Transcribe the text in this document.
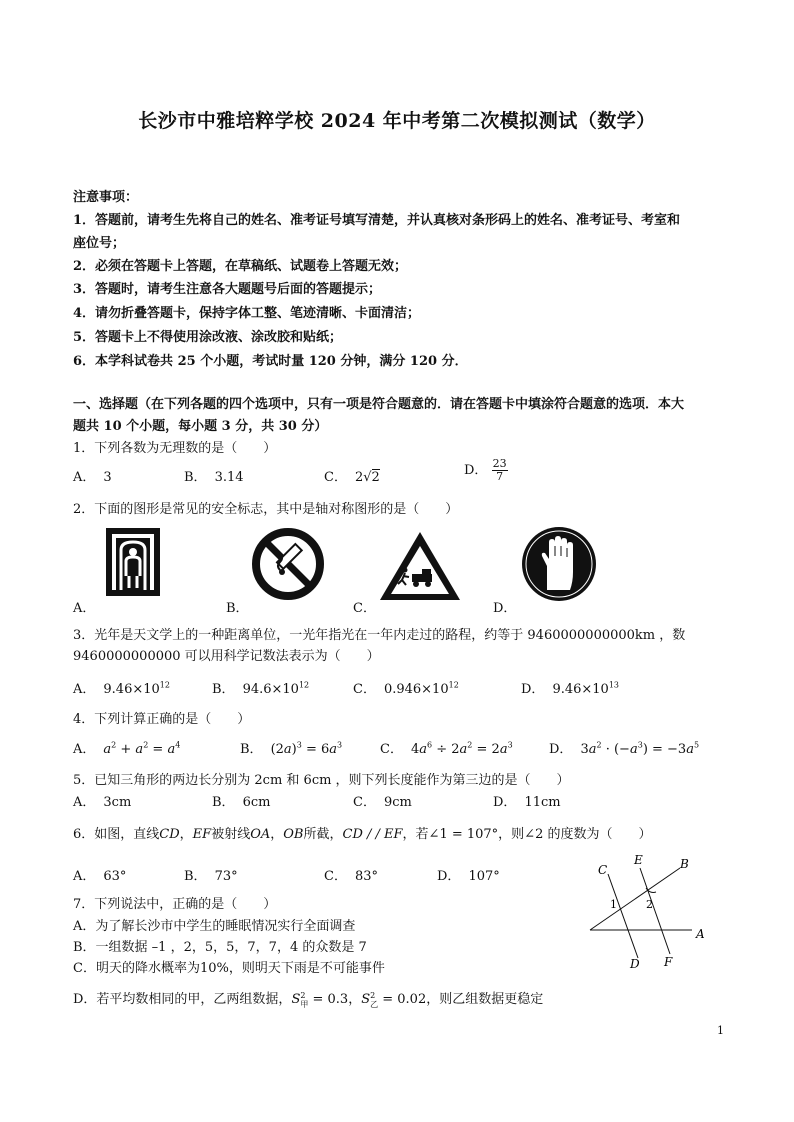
长沙市中雅培粹学校 2024 年中考第二次模拟测试（数学）
注意事项：
1．答题前，请考生先将自己的姓名、准考证号填写清楚，并认真核对条形码上的姓名、准考证号、考室和
座位号；
2．必须在答题卡上答题，在草稿纸、试题卷上答题无效；
3．答题时，请考生注意各大题题号后面的答题提示；
4．请勿折叠答题卡，保持字体工整、笔迹清晰、卡面清洁；
5．答题卡上不得使用涂改液、涂改胶和贴纸；
6．本学科试卷共 25 个小题，考试时量 120 分钟，满分 120 分．
一、选择题（在下列各题的四个选项中，只有一项是符合题意的．请在答题卡中填涂符合题意的选项．本大
题共 10 个小题，每小题 3 分，共 30 分）
1．下列各数为无理数的是（　　）
A． 3	B． 3.14	C． 2√2	D． $\frac{23}{7}$
2．下面的图形是常见的安全标志，其中是轴对称图形的是（　　）
A．	B．	C．	D．
3．光年是天文学上的一种距离单位，一光年指光在一年内走过的路程，约等于 9460000000000km ，数
9460000000000 可以用科学记数法表示为（　　）
A． $9.46\times 10^{12}$	B． $94.6\times 10^{12}$	C． $0.946\times 10^{12}$	D． $9.46\times 10^{13}$
4．下列计算正确的是（　　）
A． $a^2 + a^2 = a^4$	B． $(2a)^3 = 6a^3$	C． $4a^6 \div 2a^2 = 2a^3$	D． $3a^2 \cdot (-a^3) = -3a^5$
5．已知三角形的两边长分别为 2cm 和 6cm ，则下列长度能作为第三边的是（　　）
A． 3cm	B． 6cm	C． 9cm	D． 11cm
6．如图，直线CD，EF被射线OA，OB所截，CD / / EF，若∠1 = 107°，则∠2 的度数为（　　）
A． 63°	B． 73°	C． 83°	D． 107°	C
E	B
1	2
A
D F
7．下列说法中，正确的是（　　）
A．为了解长沙市中学生的睡眠情况实行全面调查
B．一组数据 –1 ，2，5，5，7，7，4 的众数是 7
C．明天的降水概率为10%，则明天下雨是不可能事件
D．若平均数相同的甲，乙两组数据，S 2
甲 = 0.3，S 2
乙 = 0.02，则乙组数据更稳定
1
